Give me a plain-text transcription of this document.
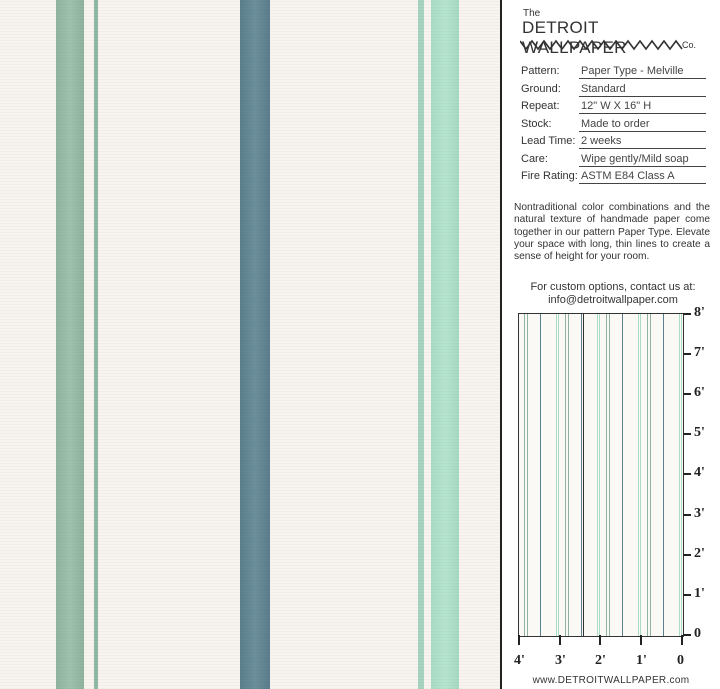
The
DETROIT WALLPAPER	Co.
Pattern: Paper Type - Melville
Ground: Standard
Repeat: 12" W X 16" H
Stock:	Made to order
Lead Time: 2 weeks
Care:	Wipe gently/Mild soap
Fire Rating: ASTM E84 Class A
Nontraditional color combinations and the natural texture of handmade paper come together in our pattern Paper Type. Elevate your space with long, thin lines to create a sense of height for your room.
For custom options, contact us at:
info@detroitwallpaper.com
8'
7'
6'
5'
4'
3'
2'
1'
0
4' 3' 2' 1' 0
www.DETROITWALLPAPER.com
